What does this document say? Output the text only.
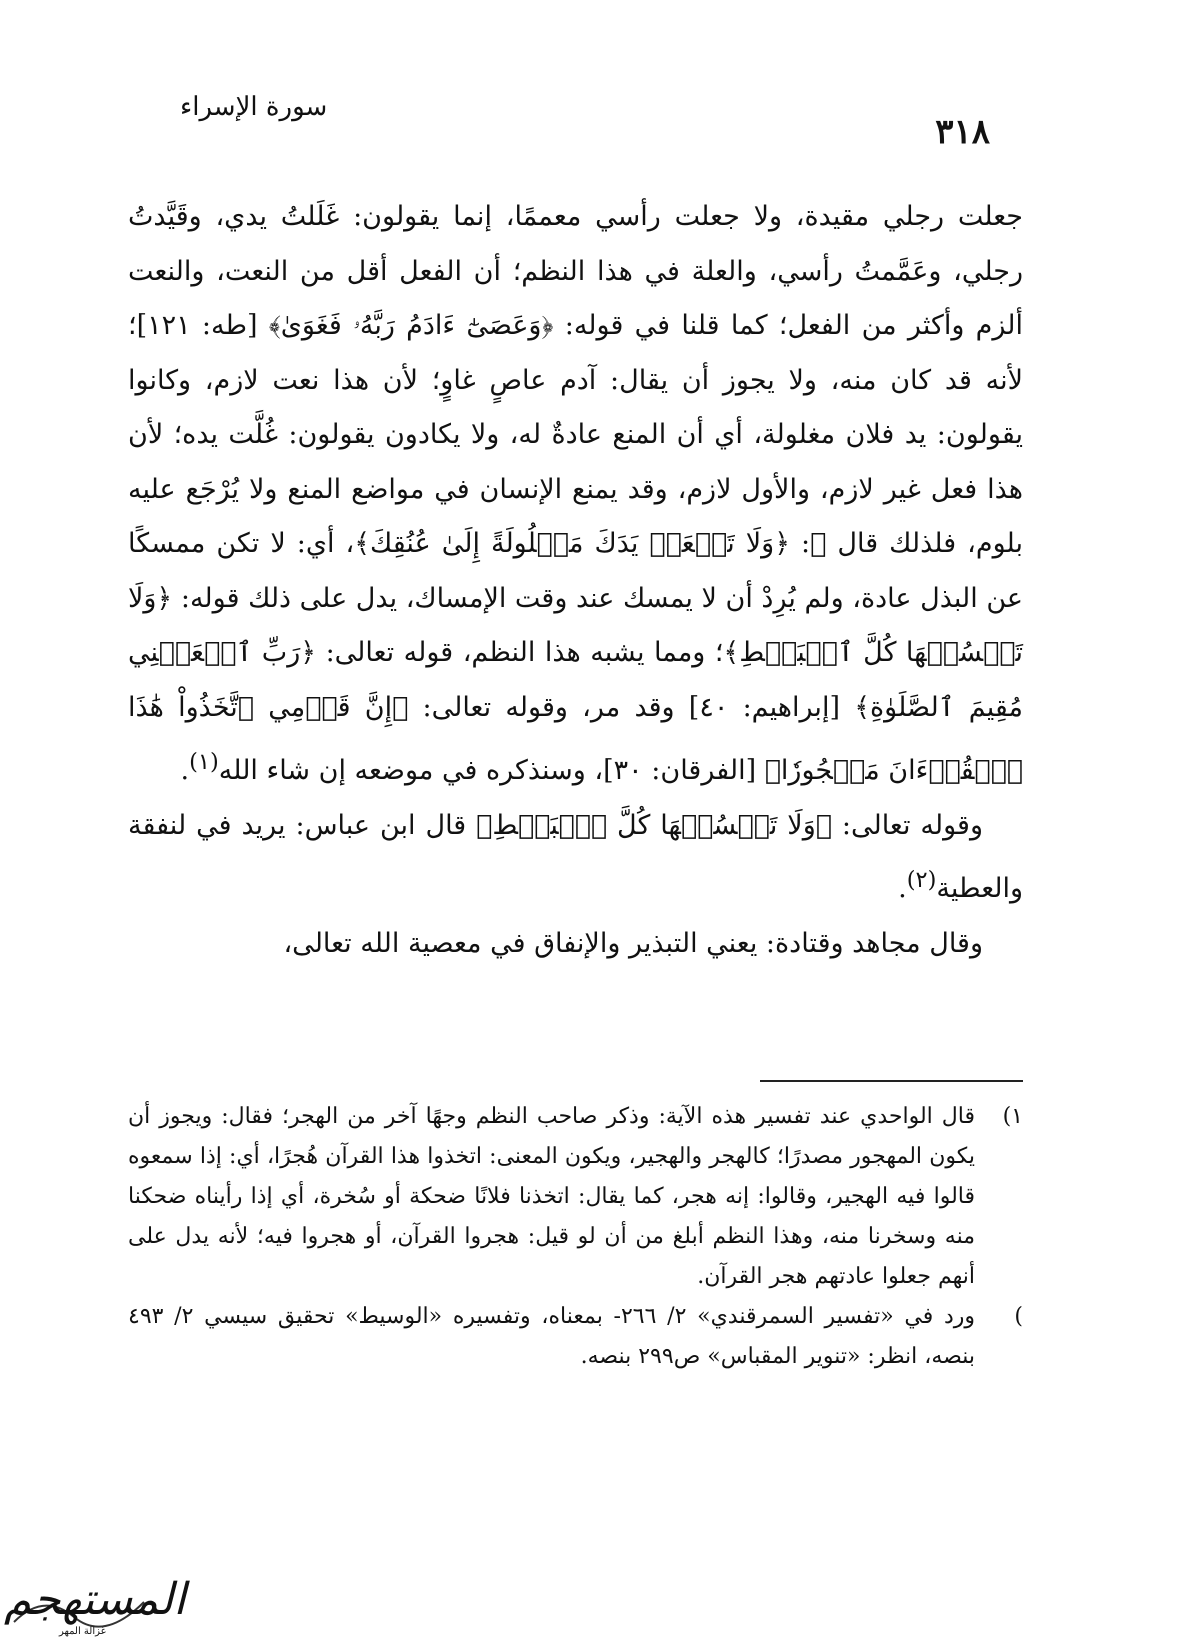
سورة الإسراء
٣١٨

جعلت رجلي مقيدة، ولا جعلت رأسي معممًا، إنما يقولون: غَلَلتُ يدي، وقَيَّدتُ رجلي، وعَمَّمتُ رأسي، والعلة في هذا النظم؛ أن الفعل أقل من النعت، والنعت ألزم وأكثر من الفعل؛ كما قلنا في قوله: ﴿وَعَصَىٰٓ ءَادَمُ رَبَّهُۥ فَغَوَىٰ﴾ [طه: ١٢١]؛ لأنه قد كان منه، ولا يجوز أن يقال: آدم عاصٍ غاوٍ؛ لأن هذا نعت لازم، وكانوا يقولون: يد فلان مغلولة، أي أن المنع عادةٌ له، ولا يكادون يقولون: غُلَّت يده؛ لأن هذا فعل غير لازم، والأول لازم، وقد يمنع الإنسان في مواضع المنع ولا يُرْجَع عليه بلوم، فلذلك قال ﷻ: ﴿وَلَا تَجۡعَلۡ يَدَكَ مَغۡلُولَةً إِلَىٰ عُنُقِكَ﴾، أي: لا تكن ممسكًا عن البذل عادة، ولم يُرِدْ أن لا يمسك عند وقت الإمساك، يدل على ذلك قوله: ﴿وَلَا تَبۡسُطۡهَا كُلَّ ٱلۡبَسۡطِ﴾؛ ومما يشبه هذا النظم، قوله تعالى: ﴿رَبِّ ٱجۡعَلۡنِي مُقِيمَ ٱلصَّلَوٰةِ﴾ [إبراهيم: ٤٠] وقد مر، وقوله تعالى: ﴿إِنَّ قَوۡمِي ٱتَّخَذُواْ هَٰذَا ٱلۡقُرۡءَانَ مَهۡجُورٗا﴾ [الفرقان: ٣٠]، وسنذكره في موضعه إن شاء الله$^{(١)}$.

وقوله تعالى: ﴿وَلَا تَبۡسُطۡهَا كُلَّ ٱلۡبَسۡطِ﴾ قال ابن عباس: يريد في لنفقة والعطية$^{(٢)}$.

وقال مجاهد وقتادة: يعني التبذير والإنفاق في معصية الله تعالى،

١)

قال الواحدي عند تفسير هذه الآية: وذكر صاحب النظم وجهًا آخر من الهجر؛ فقال: ويجوز أن يكون المهجور مصدرًا؛ كالهجر والهجير، ويكون المعنى: اتخذوا هذا القرآن هُجرًا، أي: إذا سمعوه قالوا فيه الهجير، وقالوا: إنه هجر، كما يقال: اتخذنا فلانًا ضحكة أو سُخرة، أي إذا رأيناه ضحكنا منه وسخرنا منه، وهذا النظم أبلغ من أن لو قيل: هجروا القرآن، أو هجروا فيه؛ لأنه يدل على أنهم جعلوا عادتهم هجر القرآن.

)

ورد في «تفسير السمرقندي» ٢/ ٢٦٦- بمعناه، وتفسيره «الوسيط» تحقيق سيسي ٢/ ٤٩٣ بنصه، انظر: «تنوير المقباس» ص٢٩٩ بنصه.

المستهجم
غزالة المهر
